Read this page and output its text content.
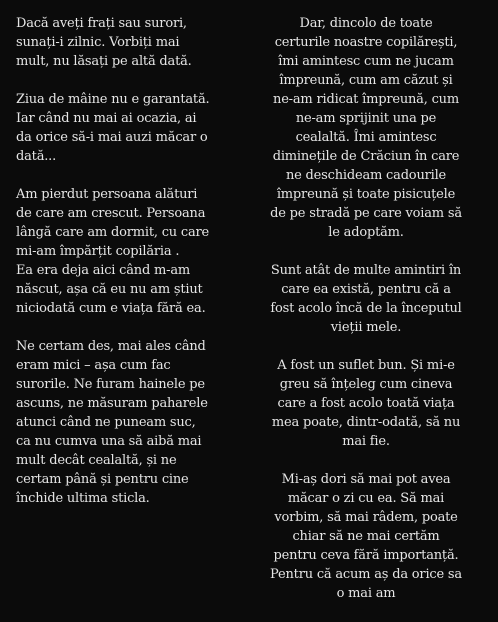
Dacă aveți frați sau surori,
sunați-i zilnic. Vorbiți mai
mult, nu lăsați pe altă dată.

Ziua de mâine nu e garantată.
Iar când nu mai ai ocazia, ai
da orice să-i mai auzi măcar o
dată...

Am pierdut persoana alături
de care am crescut. Persoana
lângă care am dormit, cu care
mi-am împărțit copilăria .
Ea era deja aici când m-am
născut, așa că eu nu am știut
niciodată cum e viața fără ea.

Ne certam des, mai ales când
eram mici – așa cum fac
surorile. Ne furam hainele pe
ascuns, ne măsuram paharele
atunci când ne puneam suc,
ca nu cumva una să aibă mai
mult decât cealaltă, și ne
certam până și pentru cine
închide ultima sticla.

Dar, dincolo de toate
certurile noastre copilărești,
îmi amintesc cum ne jucam
împreună, cum am căzut și
ne-am ridicat împreună, cum
ne-am sprijinit una pe
cealaltă. Îmi amintesc
diminețile de Crăciun în care
ne deschideam cadourile
împreună și toate pisicuțele
de pe stradă pe care voiam să
le adoptăm.

Sunt atât de multe amintiri în
care ea există, pentru că a
fost acolo încă de la începutul
vieții mele.

A fost un suflet bun. Și mi-e
greu să înțeleg cum cineva
care a fost acolo toată viața
mea poate, dintr-odată, să nu
mai fie.

Mi-aș dori să mai pot avea
măcar o zi cu ea. Să mai
vorbim, să mai râdem, poate
chiar să ne mai certăm
pentru ceva fără importanță.
Pentru că acum aș da orice sa
o mai am
